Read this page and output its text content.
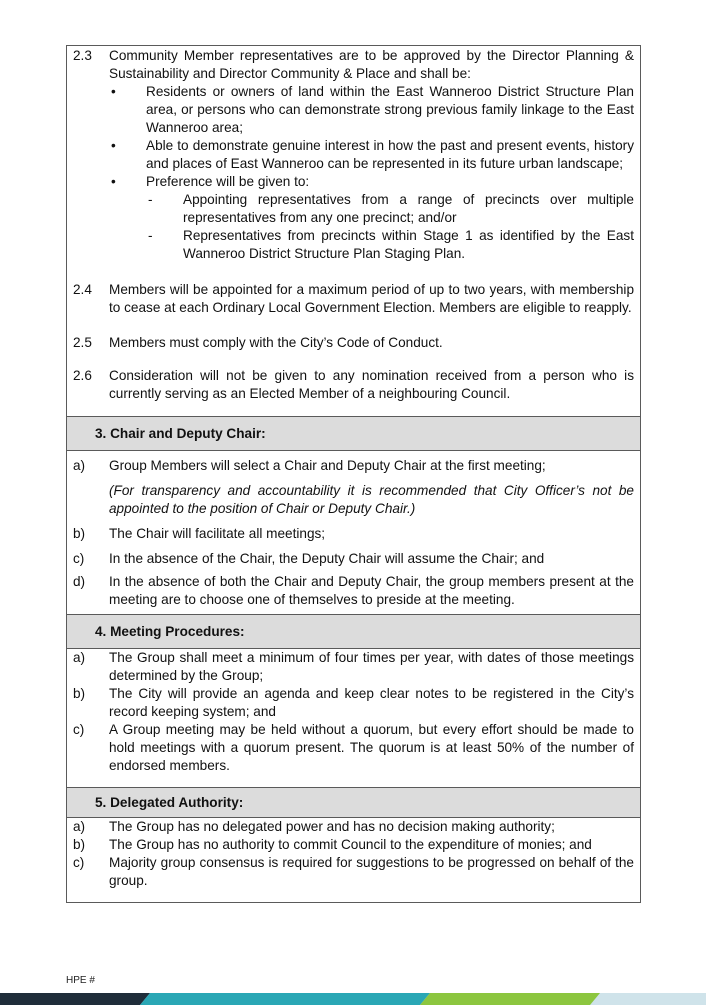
2.3	Community Member representatives are to be approved by the Director Planning & Sustainability and Director Community & Place and shall be:
•	Residents or owners of land within the East Wanneroo District Structure Plan area, or persons who can demonstrate strong previous family linkage to the East Wanneroo area;
•	Able to demonstrate genuine interest in how the past and present events, history and places of East Wanneroo can be represented in its future urban landscape;
•	Preference will be given to:
-	Appointing representatives from a range of precincts over multiple representatives from any one precinct; and/or
-	Representatives from precincts within Stage 1 as identified by the East Wanneroo District Structure Plan Staging Plan.
2.4	Members will be appointed for a maximum period of up to two years, with membership to cease at each Ordinary Local Government Election. Members are eligible to reapply.
2.5	Members must comply with the City’s Code of Conduct.
2.6	Consideration will not be given to any nomination received from a person who is currently serving as an Elected Member of a neighbouring Council.
3. Chair and Deputy Chair:
a)	Group Members will select a Chair and Deputy Chair at the first meeting;
(For transparency and accountability it is recommended that City Officer’s not be appointed to the position of Chair or Deputy Chair.)
b)	The Chair will facilitate all meetings;
c)	In the absence of the Chair, the Deputy Chair will assume the Chair; and
d)	In the absence of both the Chair and Deputy Chair, the group members present at the meeting are to choose one of themselves to preside at the meeting.
4. Meeting Procedures:
a)	The Group shall meet a minimum of four times per year, with dates of those meetings determined by the Group;
b)	The City will provide an agenda and keep clear notes to be registered in the City’s record keeping system; and
c)	A Group meeting may be held without a quorum, but every effort should be made to hold meetings with a quorum present. The quorum is at least 50% of the number of endorsed members.
5. Delegated Authority:
a)	The Group has no delegated power and has no decision making authority;
b)	The Group has no authority to commit Council to the expenditure of monies; and
c)	Majority group consensus is required for suggestions to be progressed on behalf of the group.
HPE #
